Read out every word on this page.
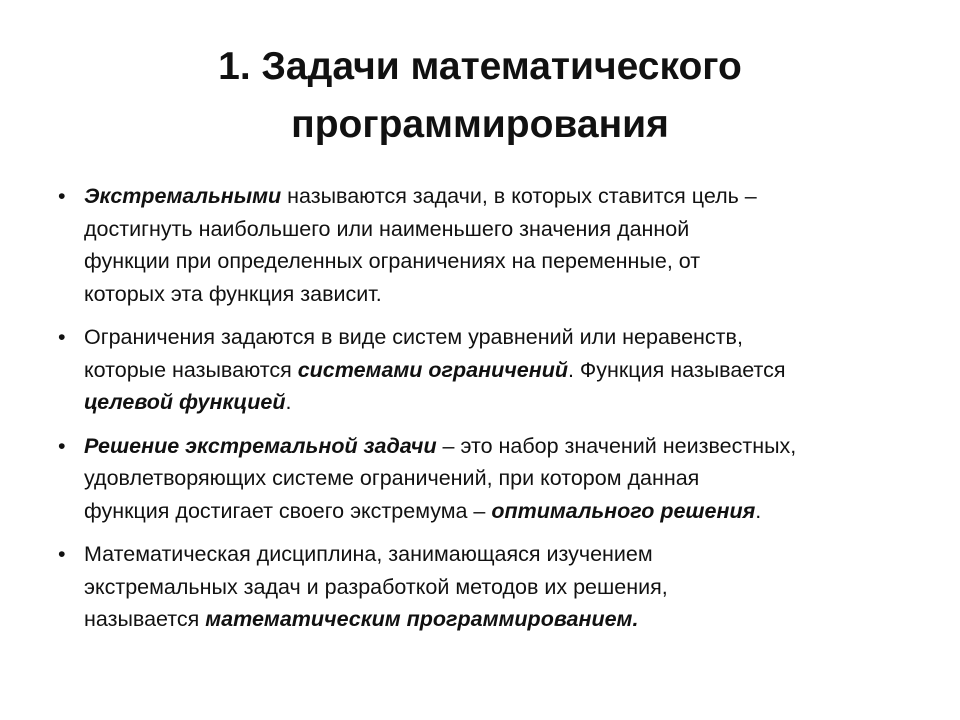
1. Задачи математического
программирования
• Экстремальными называются задачи, в которых ставится цель –
достигнуть наибольшего или наименьшего значения данной
функции при определенных ограничениях на переменные, от
которых эта функция зависит.
• Ограничения задаются в виде систем уравнений или неравенств,
которые называются системами ограничений. Функция называется
целевой функцией.
• Решение экстремальной задачи – это набор значений неизвестных,
удовлетворяющих системе ограничений, при котором данная
функция достигает своего экстремума – оптимального решения.
• Математическая дисциплина, занимающаяся изучением
экстремальных задач и разработкой методов их решения,
называется математическим программированием.
